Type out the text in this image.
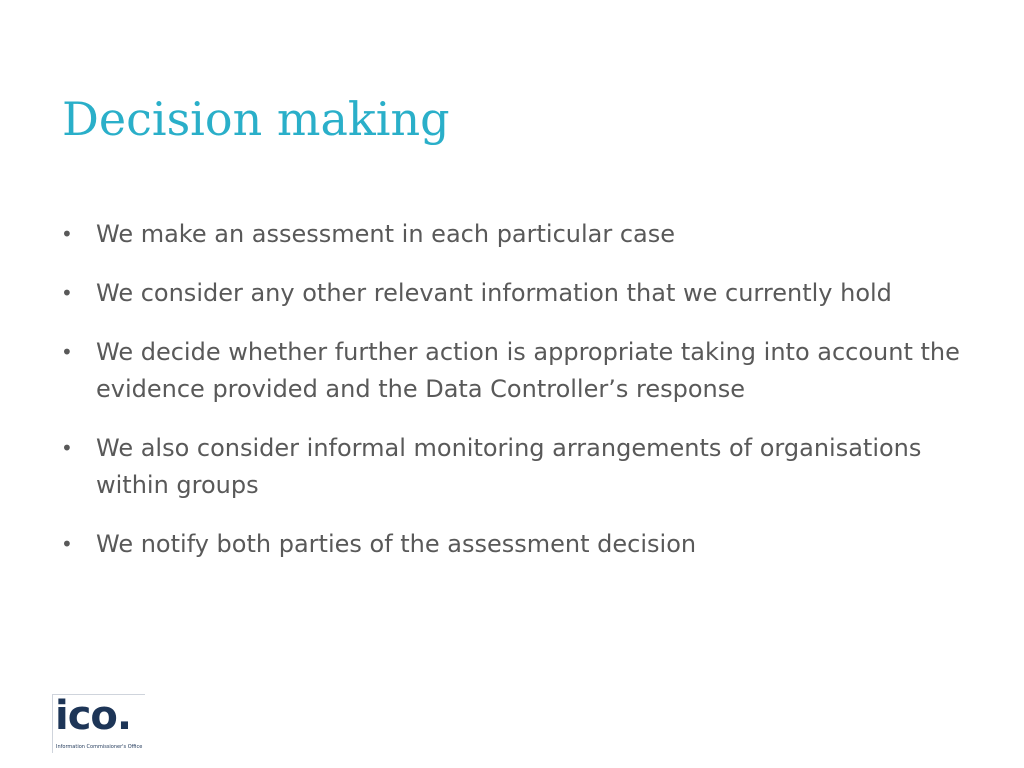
Decision making
• We make an assessment in each particular case
• We consider any other relevant information that we currently hold
• We decide whether further action is appropriate taking into account the evidence provided and the Data Controller’s response
• We also consider informal monitoring arrangements of organisations within groups
• We notify both parties of the assessment decision
ico.
Information Commissioner's Office
